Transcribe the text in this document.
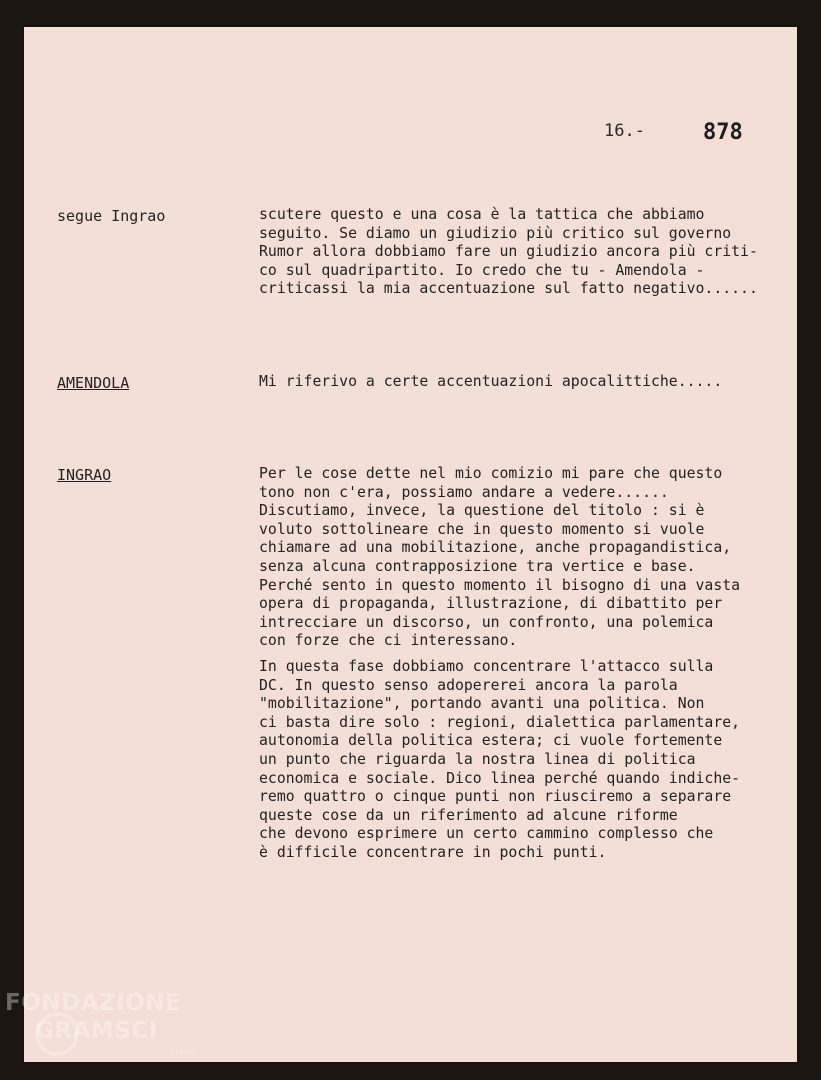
16.-	878
segue Ingrao	scutere questo e una cosa è la tattica che abbiamo
seguito. Se diamo un giudizio più critico sul governo
Rumor allora dobbiamo fare un giudizio ancora più criti-
co sul quadripartito. Io credo che tu - Amendola -
criticassi la mia accentuazione sul fatto negativo......
AMENDOLA	Mi riferivo a certe accentuazioni apocalittiche.....
INGRAO	Per le cose dette nel mio comizio mi pare che questo
tono non c'era, possiamo andare a vedere......
Discutiamo, invece, la questione del titolo : si è
voluto sottolineare che in questo momento si vuole
chiamare ad una mobilitazione, anche propagandistica,
senza alcuna contrapposizione tra vertice e base.
Perché sento in questo momento il bisogno di una vasta
opera di propaganda, illustrazione, di dibattito per
intrecciare un discorso, un confronto, una polemica
con forze che ci interessano.
In questa fase dobbiamo concentrare l'attacco sulla
DC. In questo senso adopererei ancora la parola
"mobilitazione", portando avanti una politica. Non
ci basta dire solo : regioni, dialettica parlamentare,
autonomia della politica estera; ci vuole fortemente
un punto che riguarda la nostra linea di politica
economica e sociale. Dico linea perché quando indiche-
remo quattro o cinque punti non riusciremo a separare
queste cose da un riferimento ad alcune riforme
che devono esprimere un certo cammino complesso che
è difficile concentrare in pochi punti.
FONDAZIONE
GRAMSCI
onlus
